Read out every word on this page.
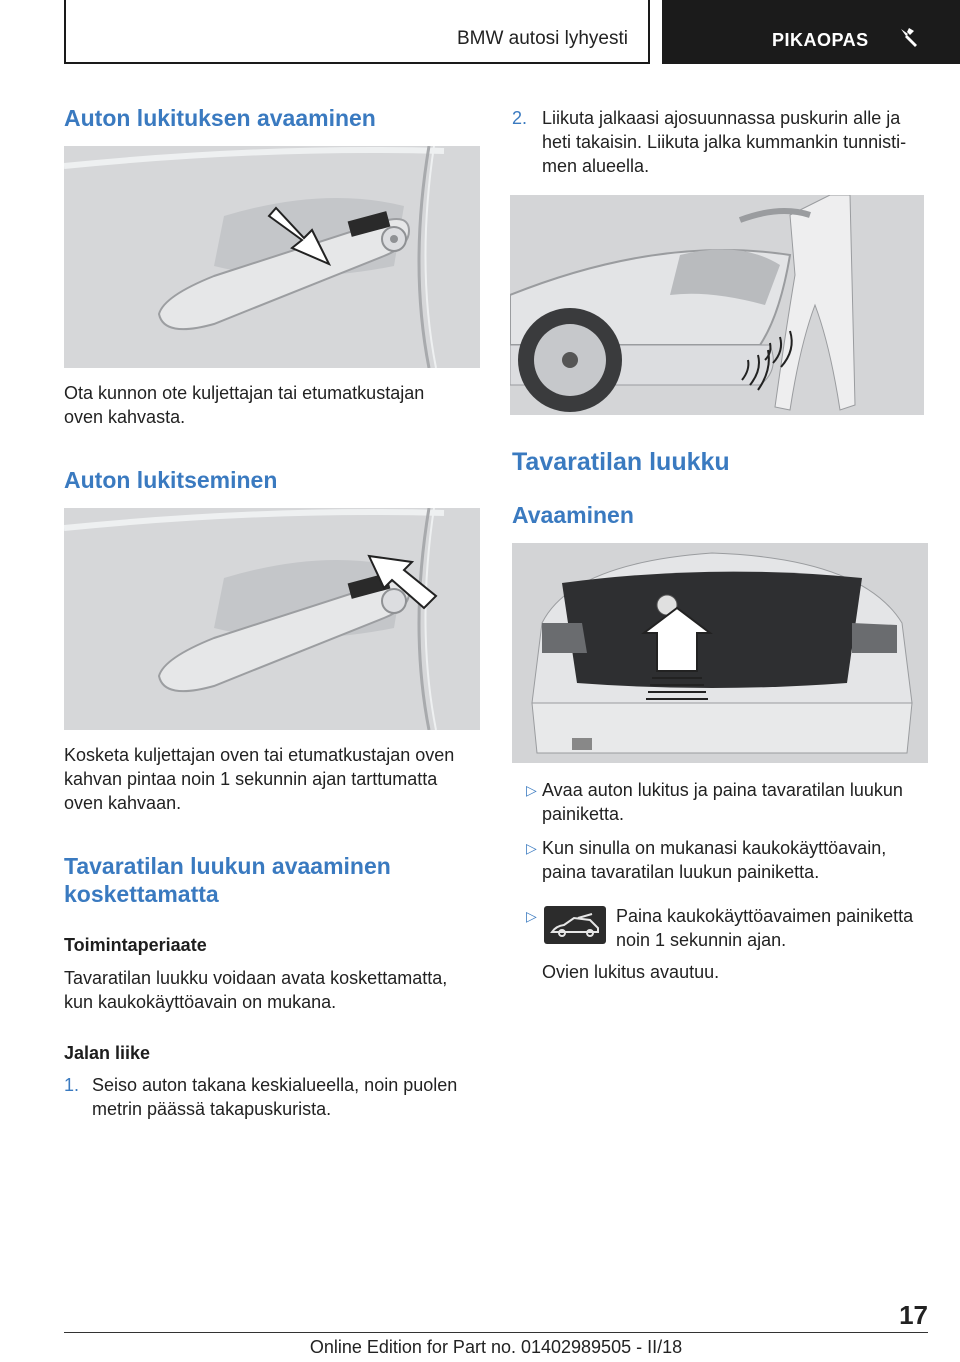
BMW autosi lyhyesti	PIKAOPAS
Auton lukituksen avaaminen
Ota kunnon ote kuljettajan tai etumatkustajan
oven kahvasta.
Auton lukitseminen
Kosketa kuljettajan oven tai etumatkustajan oven
kahvan pintaa noin 1 sekunnin ajan tarttumatta
oven kahvaan.
Tavaratilan luukun avaaminen
koskettamatta
Toimintaperiaate
Tavaratilan luukku voidaan avata koskettamatta,
kun kaukokäyttöavain on mukana.
Jalan liike
1. Seiso auton takana keskialueella, noin puolen
metrin päässä takapuskurista.
2. Liikuta jalkaasi ajosuunnassa puskurin alle ja
heti takaisin. Liikuta jalka kummankin tunnisti-
men alueella.
Tavaratilan luukku
Avaaminen
▷ Avaa auton lukitus ja paina tavaratilan luukun
painiketta.
▷ Kun sinulla on mukanasi kaukokäyttöavain,
paina tavaratilan luukun painiketta.
▷	Paina kaukokäyttöavaimen painiketta
noin 1 sekunnin ajan.
Ovien lukitus avautuu.
17
Online Edition for Part no. 01402989505 - II/18
